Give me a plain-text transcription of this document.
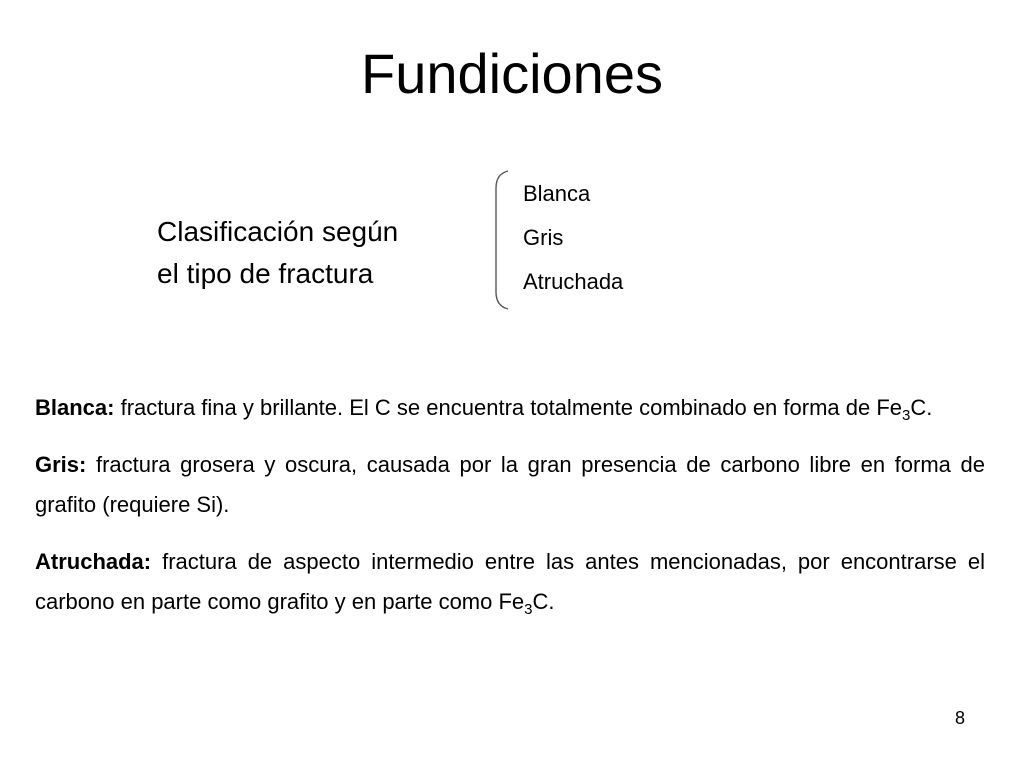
Fundiciones
Clasificación según
el tipo de fractura
Blanca
Gris
Atruchada

Blanca: fractura fina y brillante. El C se encuentra totalmente combinado en forma de $Fe_3C$.

Gris: fractura grosera y oscura, causada por la gran presencia de carbono libre en forma de grafito (requiere Si).

Atruchada: fractura de aspecto intermedio entre las antes mencionadas, por encontrarse el carbono en parte como grafito y en parte como $Fe_3C$.

8
